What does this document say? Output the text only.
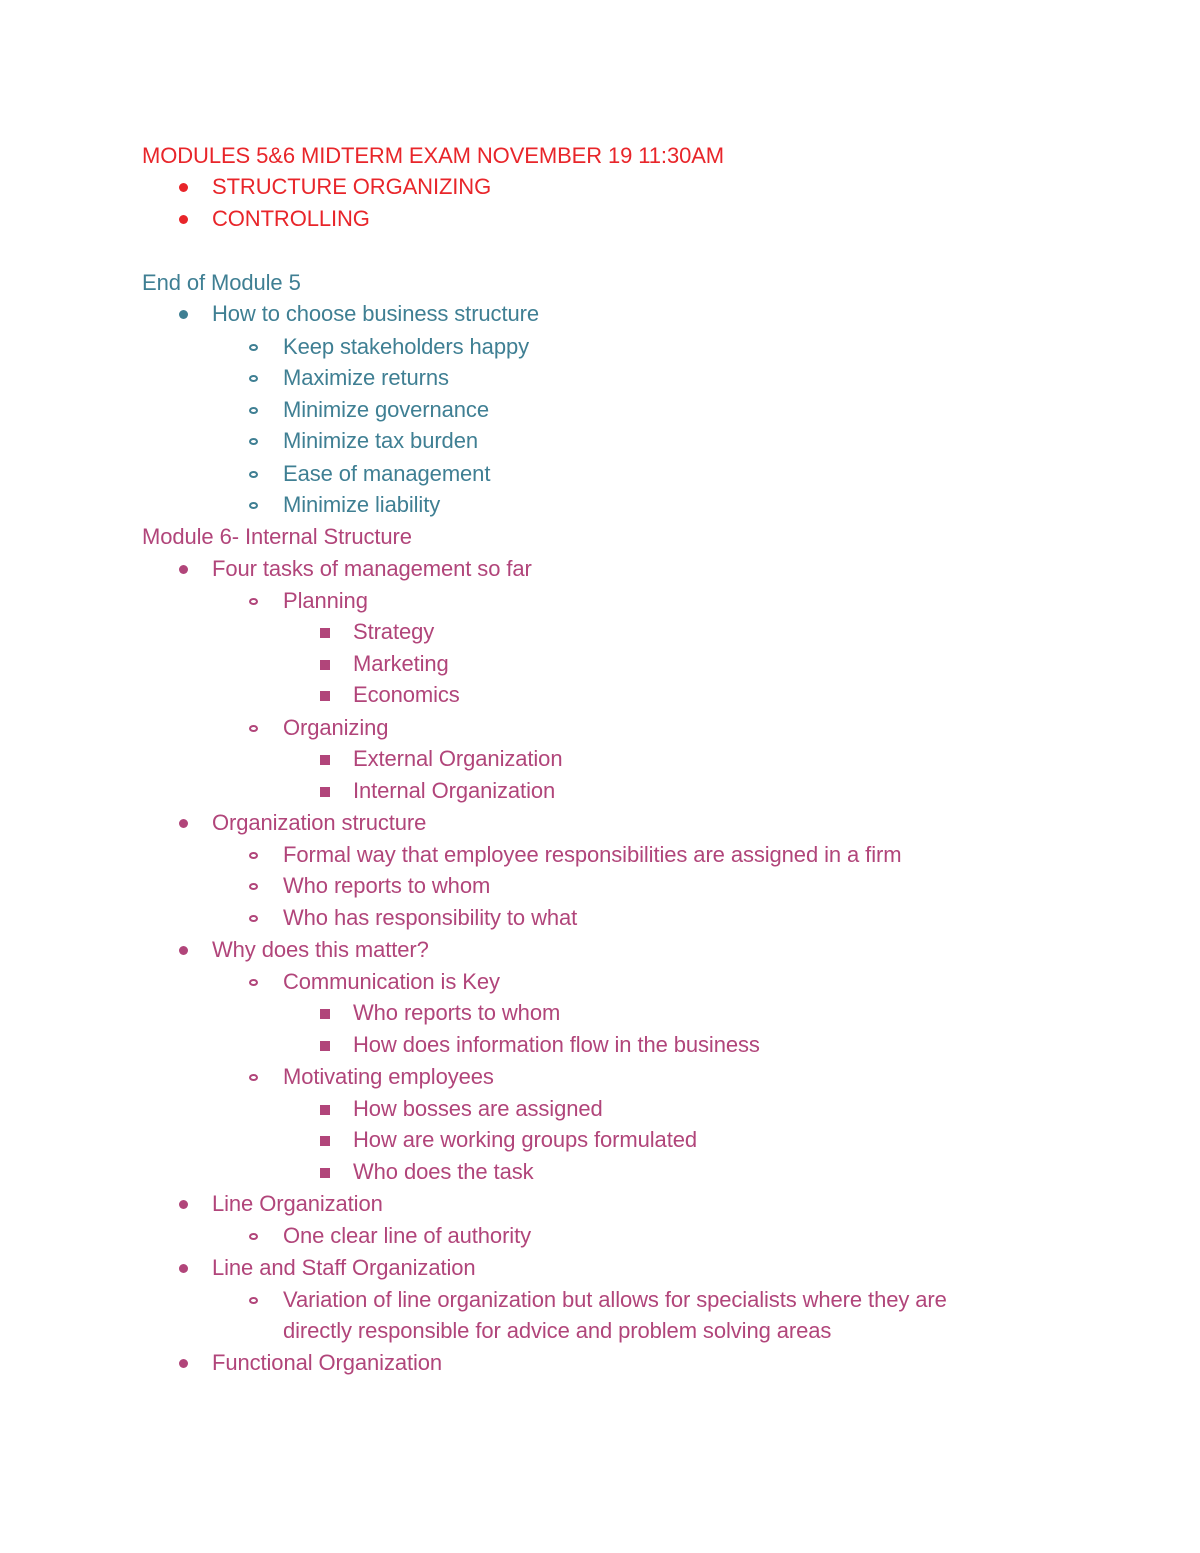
MODULES 5&6 MIDTERM EXAM NOVEMBER 19 11:30AM
STRUCTURE ORGANIZING
CONTROLLING
End of Module 5
How to choose business structure
Keep stakeholders happy
Maximize returns
Minimize governance
Minimize tax burden
Ease of management
Minimize liability
Module 6- Internal Structure
Four tasks of management so far
Planning
Strategy
Marketing
Economics
Organizing
External Organization
Internal Organization
Organization structure
Formal way that employee responsibilities are assigned in a firm
Who reports to whom
Who has responsibility to what
Why does this matter?
Communication is Key
Who reports to whom
How does information flow in the business
Motivating employees
How bosses are assigned
How are working groups formulated
Who does the task
Line Organization
One clear line of authority
Line and Staff Organization
Variation of line organization but allows for specialists where they are
directly responsible for advice and problem solving areas
Functional Organization
